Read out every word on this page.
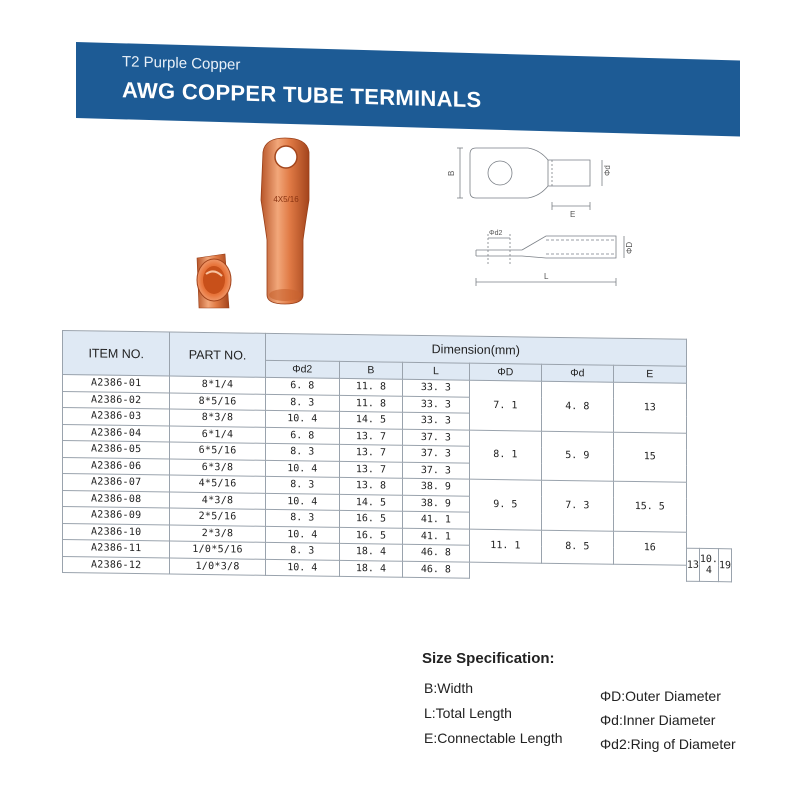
T2 Purple Copper
AWG COPPER TUBE TERMINALS
4X5/16
B	Φd
E
Φd2
ΦD
L
ITEM NO.	PART NO.	Dimension(mm)								
		Φd2	B	L	ΦD	Φd	E			
A2386-01	8*1/4	6. 8	11. 8	33. 3	7. 1	4. 8	13			
A2386-02	8*5/16	8. 3	11. 8	33. 3						
A2386-03	8*3/8	10. 4	14. 5	33. 3						
A2386-04	6*1/4	6. 8	13. 7	37. 3	8. 1	5. 9	15			
A2386-05	6*5/16	8. 3	13. 7	37. 3						
A2386-06	6*3/8	10. 4	13. 7	37. 3						
A2386-07	4*5/16	8. 3	13. 8	38. 9	9. 5	7. 3	15. 5			
A2386-08	4*3/8	10. 4	14. 5	38. 9						
A2386-09	2*5/16	8. 3	16. 5	41. 1						
A2386-10	2*3/8	10. 4	16. 5	41. 1	11. 1	8. 5	16			
A2386-11	1/0*5/16	8. 3	18. 4	46. 8				13	10. 4	19
A2386-12	1/0*3/8	10. 4	18. 4	46. 8						
Size Specification:
B:Width
L:Total Length
E:Connectable Length
ΦD:Outer Diameter
Φd:Inner Diameter
Φd2:Ring of Diameter
